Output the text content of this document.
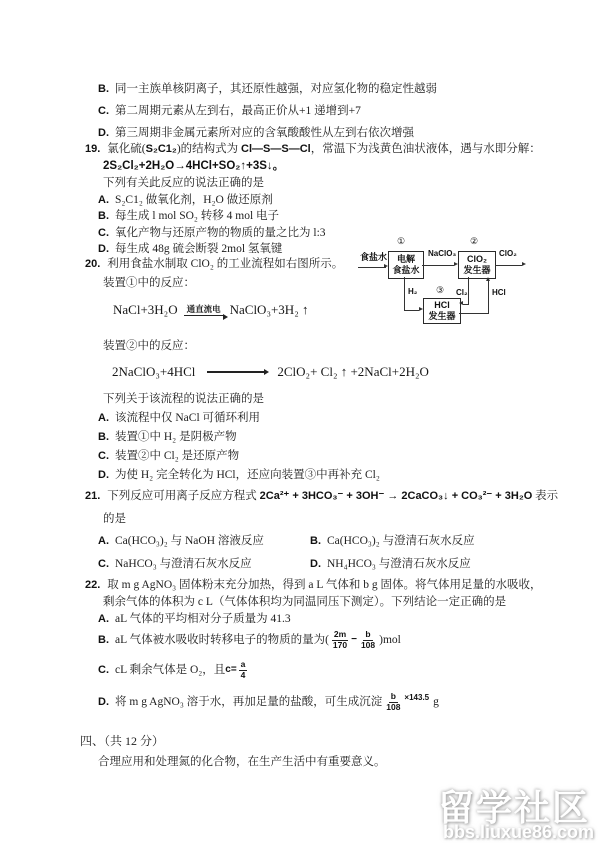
B. 同一主族单核阴离子，其还原性越强，对应氢化物的稳定性越弱
C. 第二周期元素从左到右，最高正价从+1 递增到+7
D. 第三周期非金属元素所对应的含氧酸酸性从左到右依次增强
19. 氯化硫(S₂C1₂)的结构式为 Cl—S—S—Cl，常温下为浅黄色油状液体，遇与水即分解：
2S₂Cl₂+2H₂O→4HCl+SO₂↑+3S↓。
下列有关此反应的说法正确的是
A. S₂C1₂ 做氧化剂，H₂O 做还原剂
B. 每生成 l mol SO₂ 转移 4 mol 电子
C. 氧化产物与还原产物的物质的量之比为 l:3
D. 每生成 48g 硫会断裂 2mol 氢氧键
20. 利用食盐水制取 ClO₂ 的工业流程如右图所示。
装置①中的反应：
NaCl+3H₂O	通直流电 NaClO₃+3H₂ ↑
装置②中的反应：
2NaClO₃+4HCl	2ClO₂+ Cl₂ ↑ +2NaCl+2H₂O
下列关于该流程的说法正确的是
A. 该流程中仅 NaCl 可循环利用
B. 装置①中 H₂ 是阴极产物
C. 装置②中 Cl₂ 是还原产物
D. 为使 H₂ 完全转化为 HCl，还应向装置③中再补充 Cl₂
食盐水
①
电解
食盐水
NaClO₃
②
ClO₂
发生器
ClO₂
H₂ ③
HCl
发生器
Cl₂	HCl
21. 下列反应可用离子反应方程式 2Ca²⁺ + 3HCO₃⁻ + 3OH⁻ → 2CaCO₃↓ + CO₃²⁻ + 3H₂O 表示
的是
A. Ca(HCO₃)₂ 与 NaOH 溶液反应	B. Ca(HCO₃)₂ 与澄清石灰水反应
C. NaHCO₃ 与澄清石灰水反应	D. NH₄HCO₃ 与澄清石灰水反应
22. 取 m g AgNO₃ 固体粉末充分加热，得到 a L 气体和 b g 固体。将气体用足量的水吸收，
剩余气体的体积为 c L（气体体积均为同温同压下测定）。下列结论一定正确的是
A. aL 气体的平均相对分子质量为 41.3
B. aL 气体被水吸收时转移电子的物质的量为( $\frac{2m}{170} - \frac{b}{108} )mol$
C. cL 剩余气体是 O₂，且$c= \frac{a}{4}$
D. 将 m g AgNO₃ 溶于水，再加足量的盐酸，可生成沉淀 $\frac{b}{108} ^{\times 143.5}$ g
四、（共 12 分）
合理应用和处理氮的化合物，在生产生活中有重要意义。
留学社区
bbs.liuxue86.com
